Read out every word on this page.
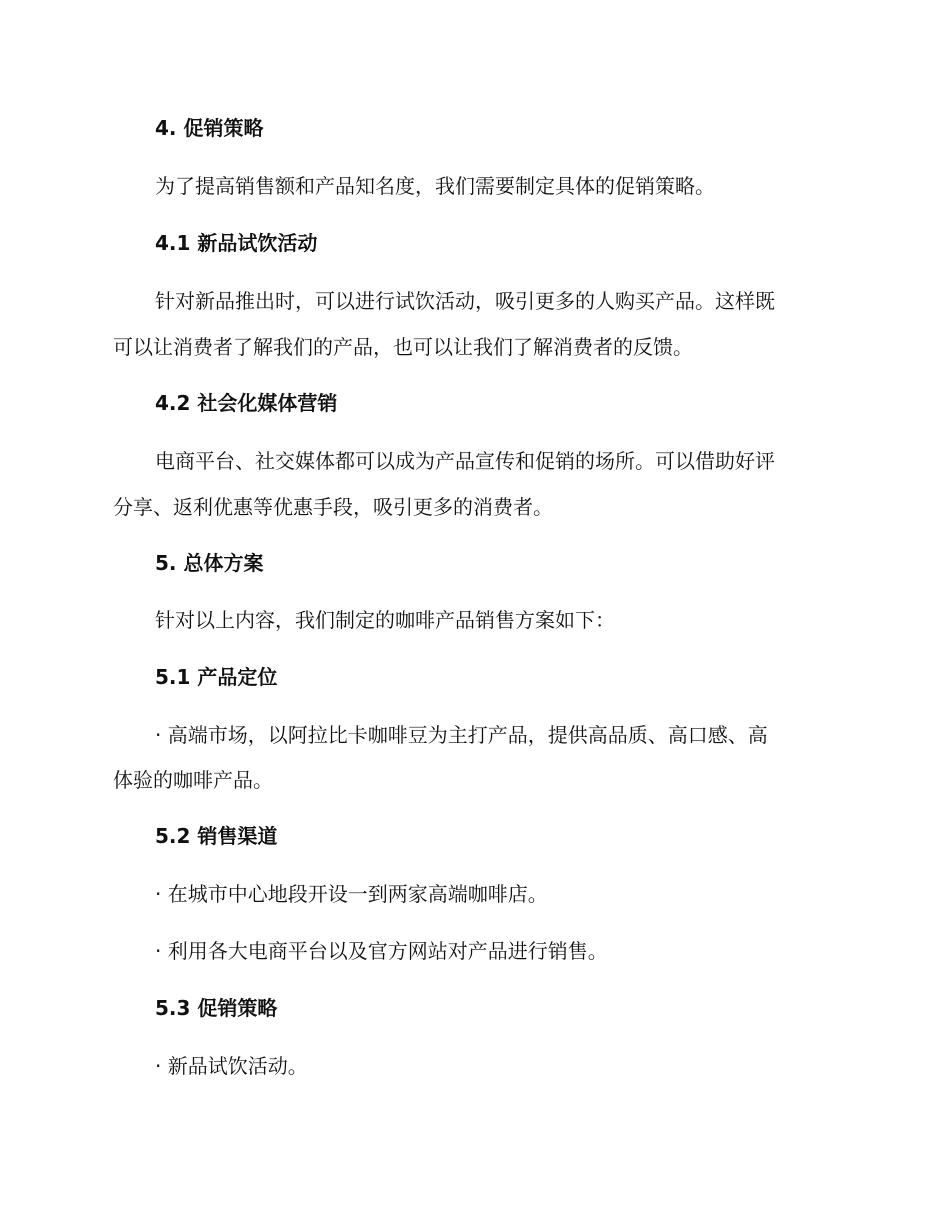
4. 促销策略
为了提高销售额和产品知名度，我们需要制定具体的促销策略。
4.1 新品试饮活动
针对新品推出时，可以进行试饮活动，吸引更多的人购买产品。这样既
可以让消费者了解我们的产品，也可以让我们了解消费者的反馈。
4.2 社会化媒体营销
电商平台、社交媒体都可以成为产品宣传和促销的场所。可以借助好评
分享、返利优惠等优惠手段，吸引更多的消费者。
5. 总体方案
针对以上内容，我们制定的咖啡产品销售方案如下：
5.1 产品定位
· 高端市场，以阿拉比卡咖啡豆为主打产品，提供高品质、高口感、高
体验的咖啡产品。
5.2 销售渠道
· 在城市中心地段开设一到两家高端咖啡店。
· 利用各大电商平台以及官方网站对产品进行销售。
5.3 促销策略
· 新品试饮活动。
